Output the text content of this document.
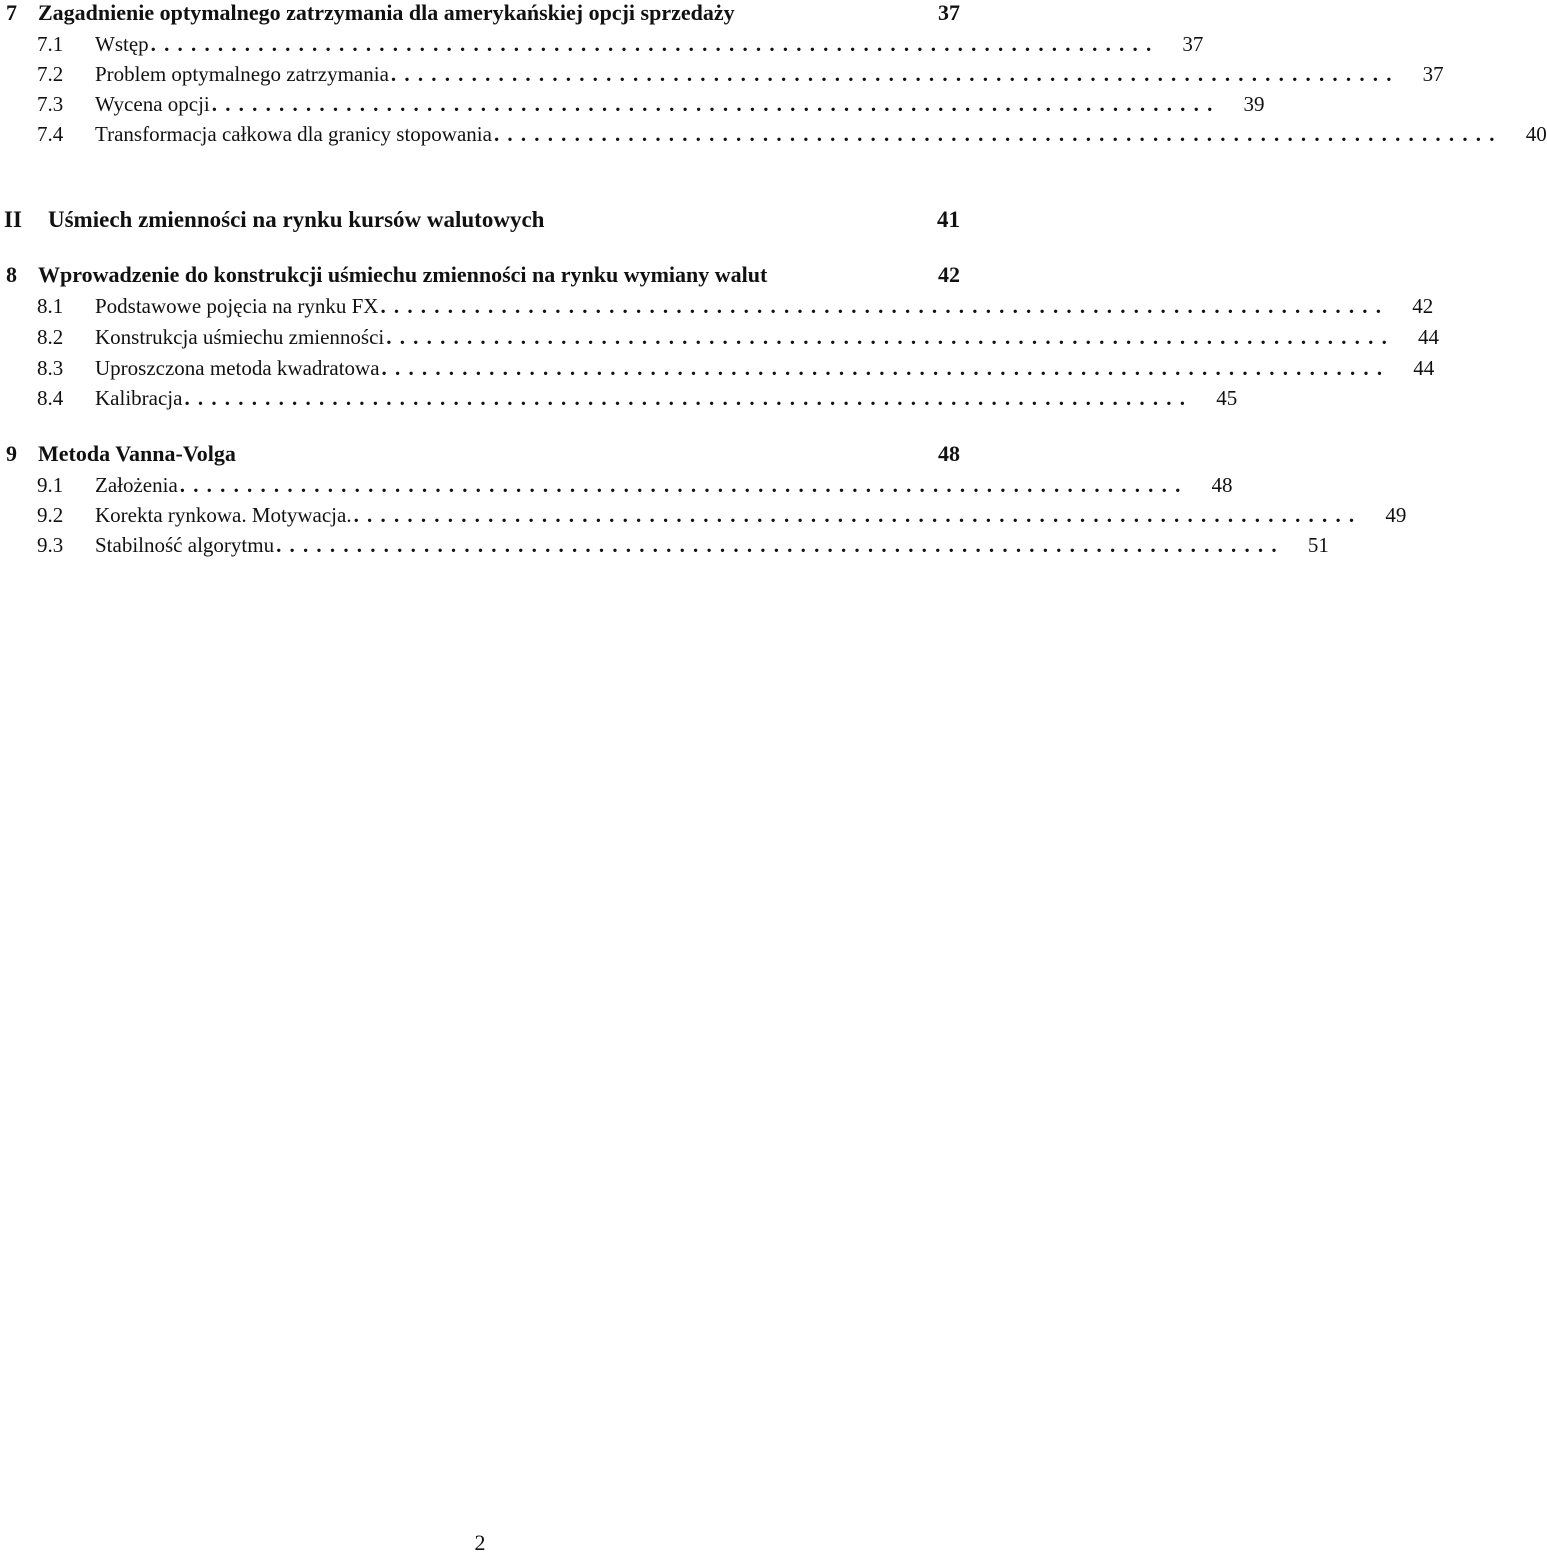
7 Zagadnienie optymalnego zatrzymania dla amerykańskiej opcji sprzedaży	37
7.1	Wstęp ...........................................................................	37
7.2	Problem optymalnego zatrzymania ...........................................................................	37
7.3	Wycena opcji ...........................................................................	39
7.4	Transformacja całkowa dla granicy stopowania ...........................................................................	40
II	Uśmiech zmienności na rynku kursów walutowych	41
8 Wprowadzenie do konstrukcji uśmiechu zmienności na rynku wymiany walut	42
8.1	Podstawowe pojęcia na rynku FX ...........................................................................	42
8.2	Konstrukcja uśmiechu zmienności ...........................................................................	44
8.3	Uproszczona metoda kwadratowa ...........................................................................	44
8.4	Kalibracja ...........................................................................	45
9 Metoda Vanna-Volga	48
9.1	Założenia ...........................................................................	48
9.2	Korekta rynkowa. Motywacja. ...........................................................................	49
9.3	Stabilność algorytmu ...........................................................................	51
2
